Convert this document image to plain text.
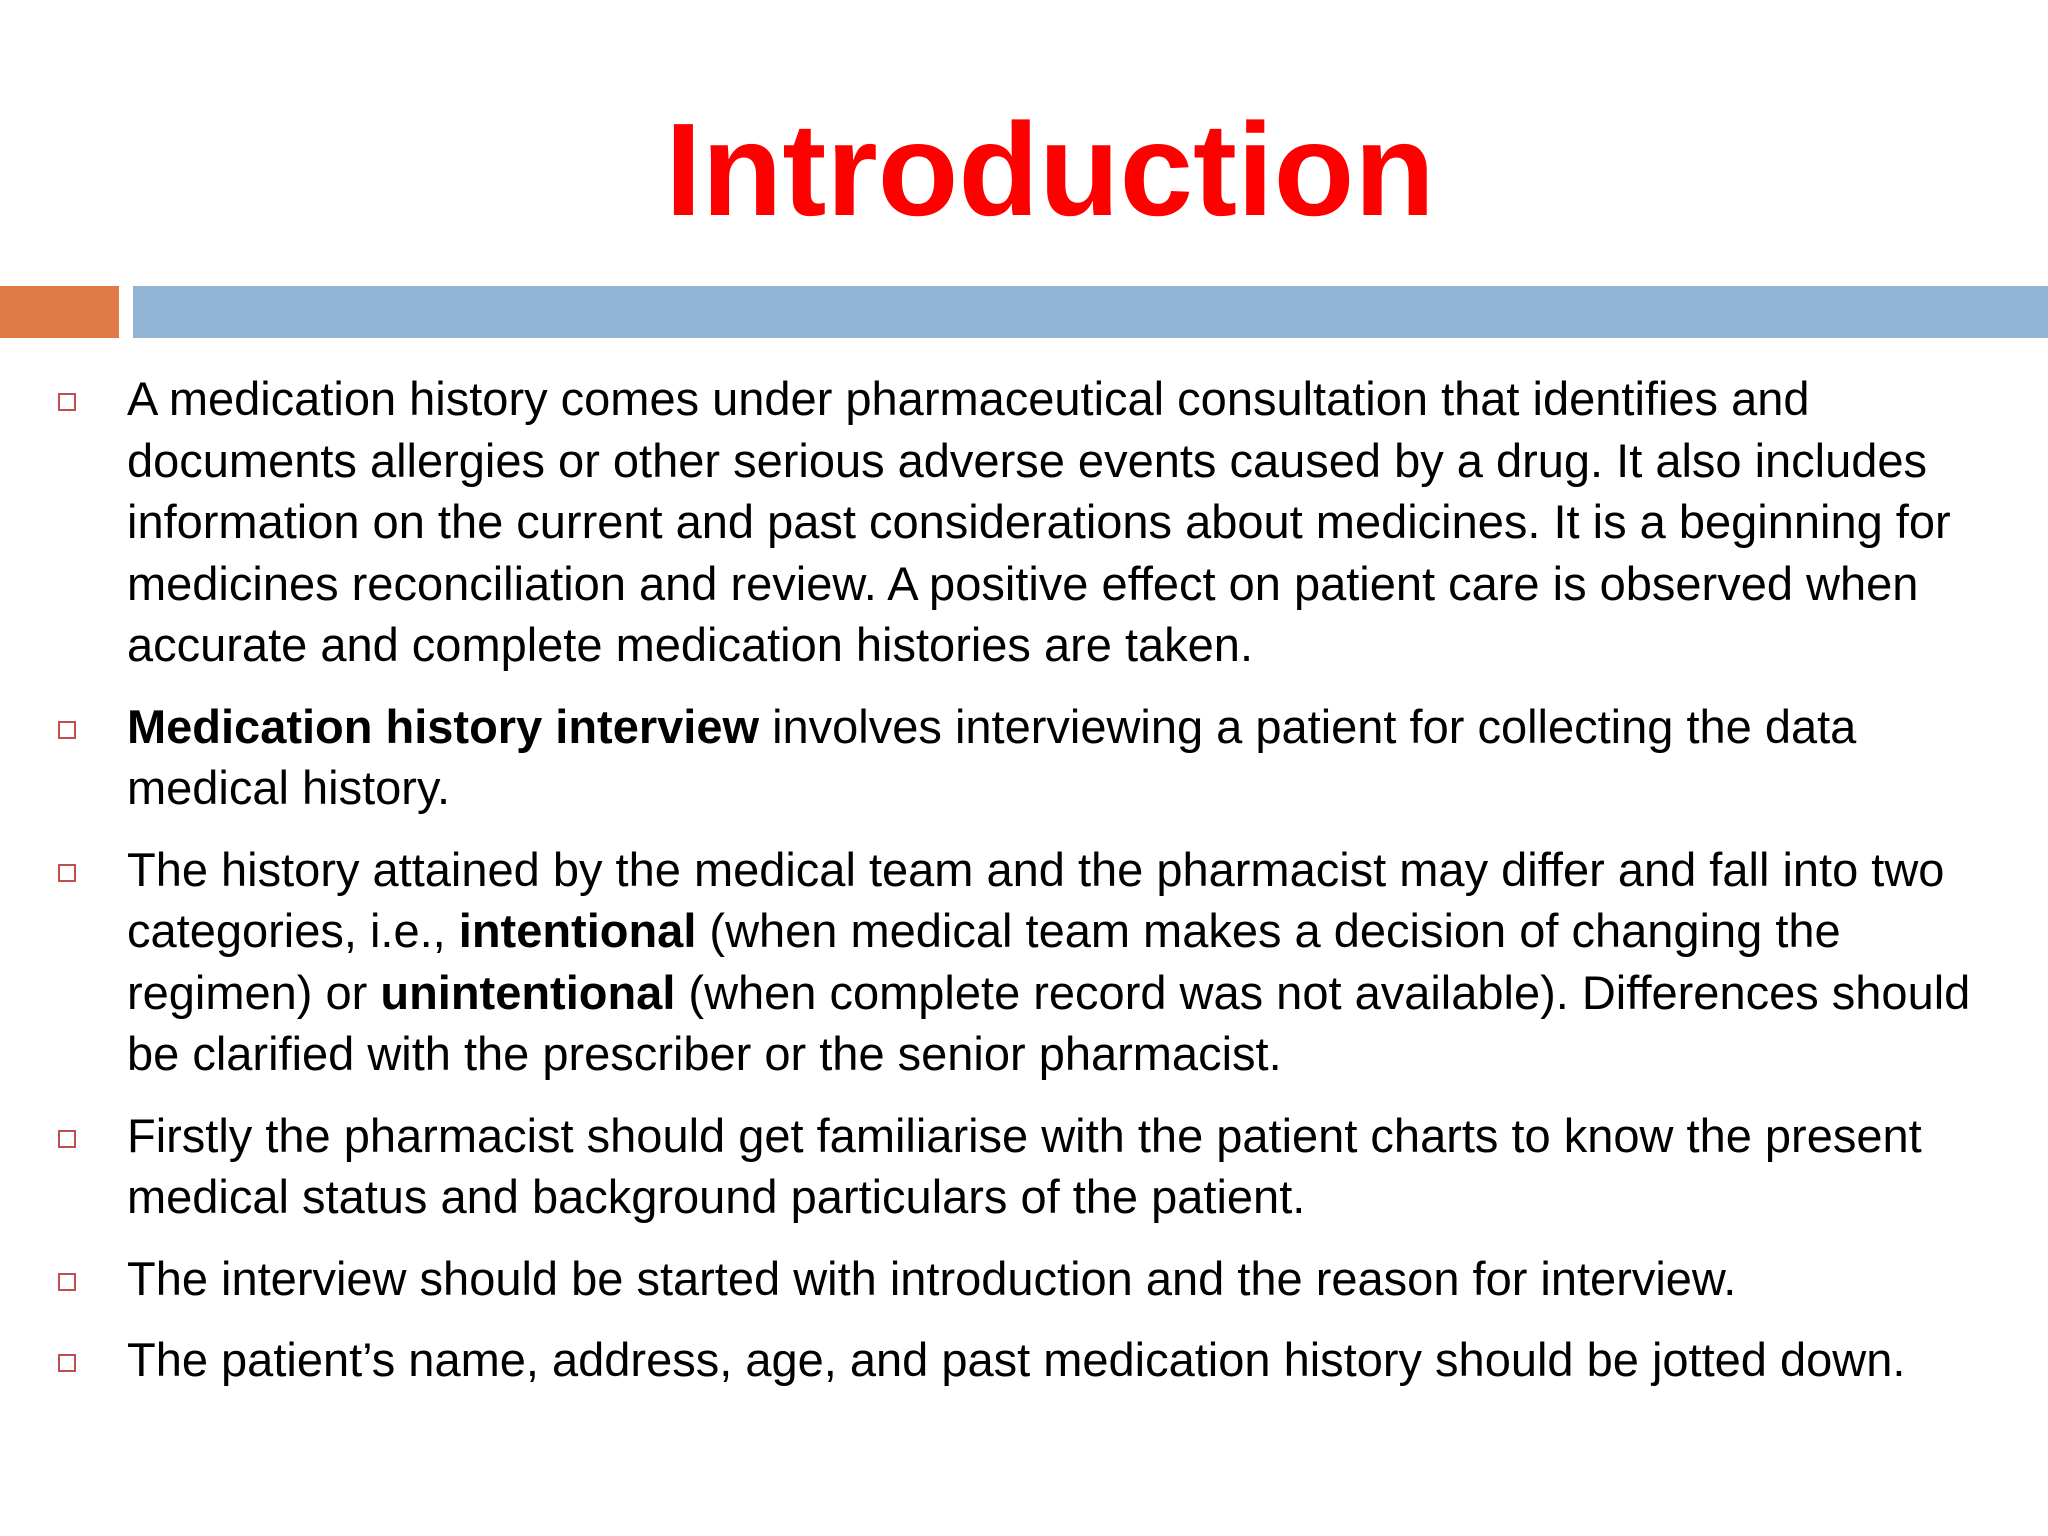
Introduction

A medication history comes under pharmaceutical consultation that identifies and documents allergies or other serious adverse events caused by a drug. It also includes information on the current and past considerations about medicines. It is a beginning for medicines reconciliation and review. A positive effect on patient care is observed when accurate and complete medication histories are taken.

Medication history interview involves interviewing a patient for collecting the data medical history.

The history attained by the medical team and the pharmacist may differ and fall into two categories, i.e., intentional (when medical team makes a decision of changing the regimen) or unintentional (when complete record was not available). Differences should be clarified with the prescriber or the senior pharmacist.

Firstly the pharmacist should get familiarise with the patient charts to know the present medical status and background particulars of the patient.

The interview should be started with introduction and the reason for interview.

The patient’s name, address, age, and past medication history should be jotted down.
